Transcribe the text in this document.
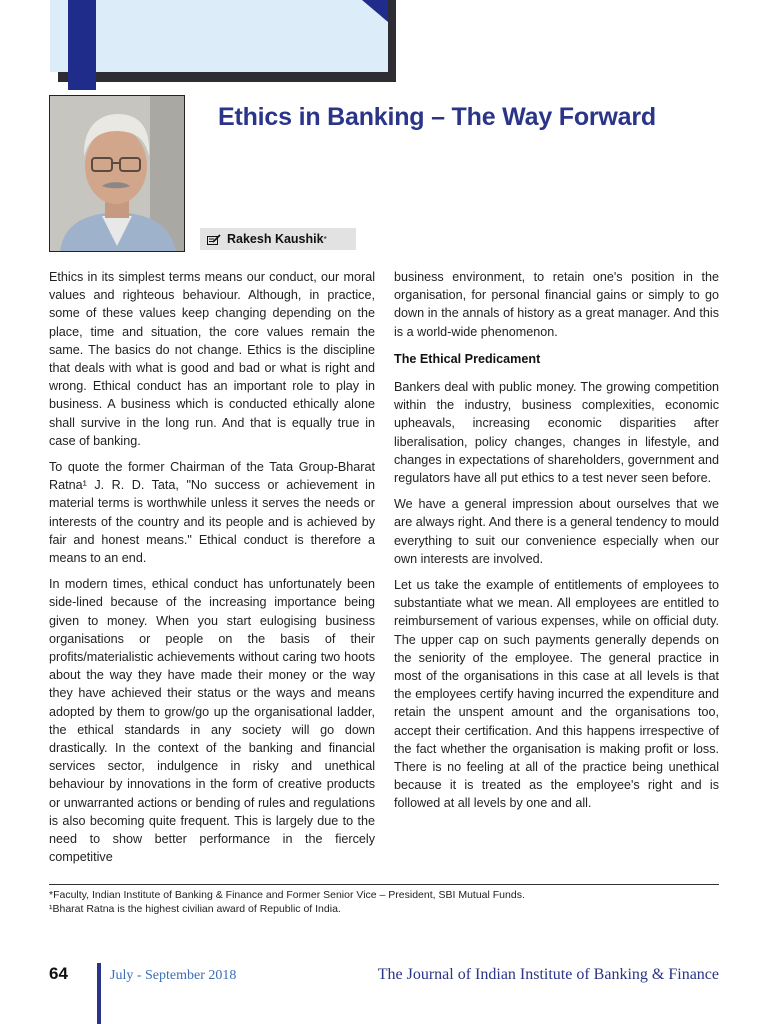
Ethics in Banking – The Way Forward
Rakesh Kaushik *

Ethics in its simplest terms means our conduct, our moral values and righteous behaviour. Although, in practice, some of these values keep changing depending on the place, time and situation, the core values remain the same. The basics do not change. Ethics is the discipline that deals with what is good and bad or what is right and wrong. Ethical conduct has an important role to play in business. A business which is conducted ethically alone shall survive in the long run. And that is equally true in case of banking.

To quote the former Chairman of the Tata Group-Bharat Ratna¹ J. R. D. Tata, "No success or achievement in material terms is worthwhile unless it serves the needs or interests of the country and its people and is achieved by fair and honest means." Ethical conduct is therefore a means to an end.

In modern times, ethical conduct has unfortunately been side-lined because of the increasing importance being given to money. When you start eulogising business organisations or people on the basis of their profits/materialistic achievements without caring two hoots about the way they have made their money or the way they have achieved their status or the ways and means adopted by them to grow/go up the organisational ladder, the ethical standards in any society will go down drastically. In the context of the banking and financial services sector, indulgence in risky and unethical behaviour by innovations in the form of creative products or unwarranted actions or bending of rules and regulations is also becoming quite frequent. This is largely due to the need to show better performance in the fiercely competitive

business environment, to retain one's position in the organisation, for personal financial gains or simply to go down in the annals of history as a great manager. And this is a world-wide phenomenon.

The Ethical Predicament

Bankers deal with public money. The growing competition within the industry, business complexities, economic upheavals, increasing economic disparities after liberalisation, policy changes, changes in lifestyle, and changes in expectations of shareholders, government and regulators have all put ethics to a test never seen before.

We have a general impression about ourselves that we are always right. And there is a general tendency to mould everything to suit our convenience especially when our own interests are involved.

Let us take the example of entitlements of employees to substantiate what we mean. All employees are entitled to reimbursement of various expenses, while on official duty. The upper cap on such payments generally depends on the seniority of the employee. The general practice in most of the organisations in this case at all levels is that the employees certify having incurred the expenditure and retain the unspent amount and the organisations too, accept their certification. And this happens irrespective of the fact whether the organisation is making profit or loss. There is no feeling at all of the practice being unethical because it is treated as the employee's right and is followed at all levels by one and all.

*Faculty, Indian Institute of Banking & Finance and Former Senior Vice – President, SBI Mutual Funds.
¹Bharat Ratna is the highest civilian award of Republic of India.
64	July - September 2018	The Journal of Indian Institute of Banking & Finance
